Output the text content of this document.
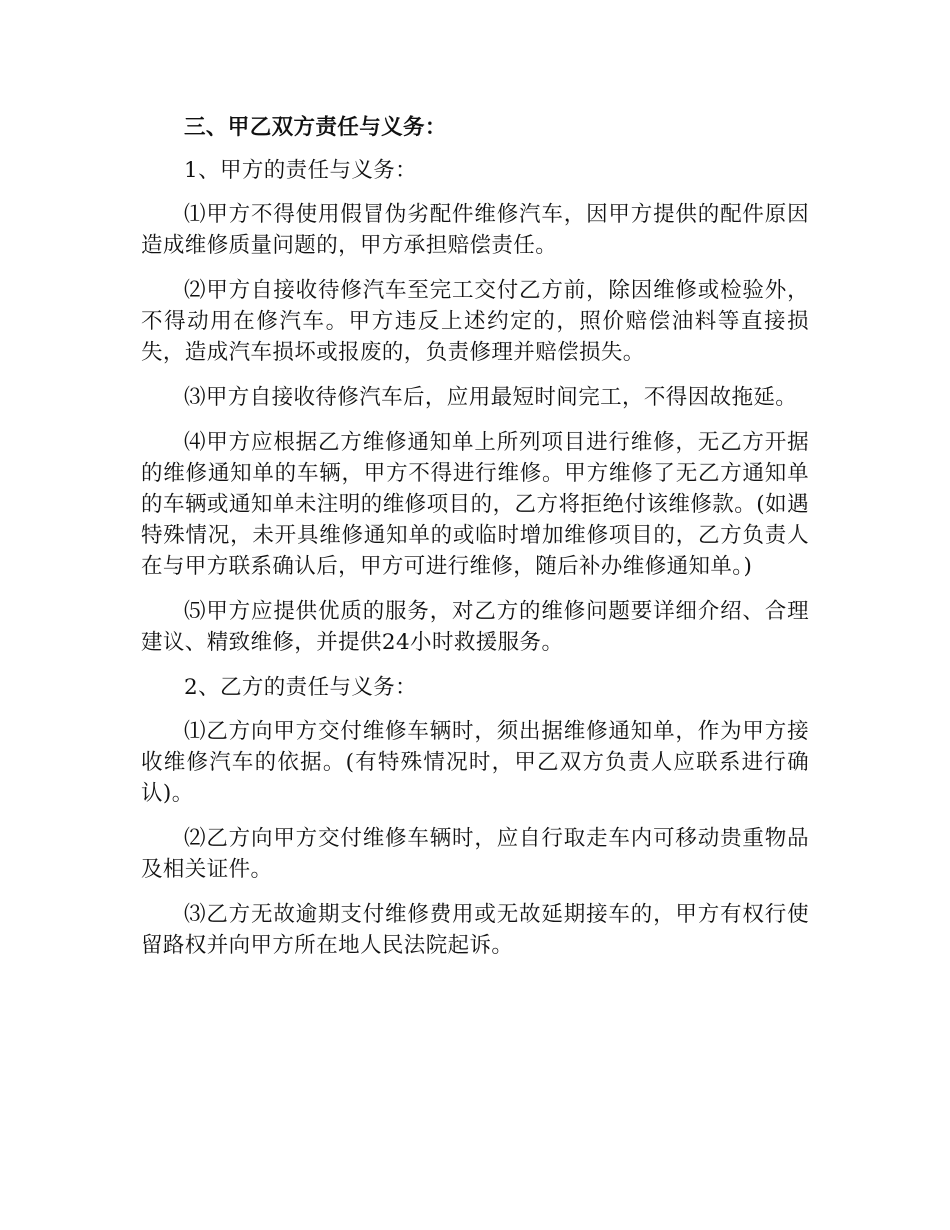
三、甲乙双方责任与义务：

1、甲方的责任与义务：

⑴甲方不得使用假冒伪劣配件维修汽车，因甲方提供的配件原因造成维修质量问题的，甲方承担赔偿责任。

⑵甲方自接收待修汽车至完工交付乙方前，除因维修或检验外，不得动用在修汽车。甲方违反上述约定的，照价赔偿油料等直接损失，造成汽车损坏或报废的，负责修理并赔偿损失。

⑶甲方自接收待修汽车后，应用最短时间完工，不得因故拖延。

⑷甲方应根据乙方维修通知单上所列项目进行维修，无乙方开据的维修通知单的车辆，甲方不得进行维修。甲方维修了无乙方通知单的车辆或通知单未注明的维修项目的，乙方将拒绝付该维修款。(如遇特殊情况，未开具维修通知单的或临时增加维修项目的，乙方负责人在与甲方联系确认后，甲方可进行维修，随后补办维修通知单。)

⑸甲方应提供优质的服务，对乙方的维修问题要详细介绍、合理建议、精致维修，并提供24小时救援服务。

2、乙方的责任与义务：

⑴乙方向甲方交付维修车辆时，须出据维修通知单，作为甲方接收维修汽车的依据。(有特殊情况时，甲乙双方负责人应联系进行确认)。

⑵乙方向甲方交付维修车辆时，应自行取走车内可移动贵重物品及相关证件。

⑶乙方无故逾期支付维修费用或无故延期接车的，甲方有权行使留路权并向甲方所在地人民法院起诉。
